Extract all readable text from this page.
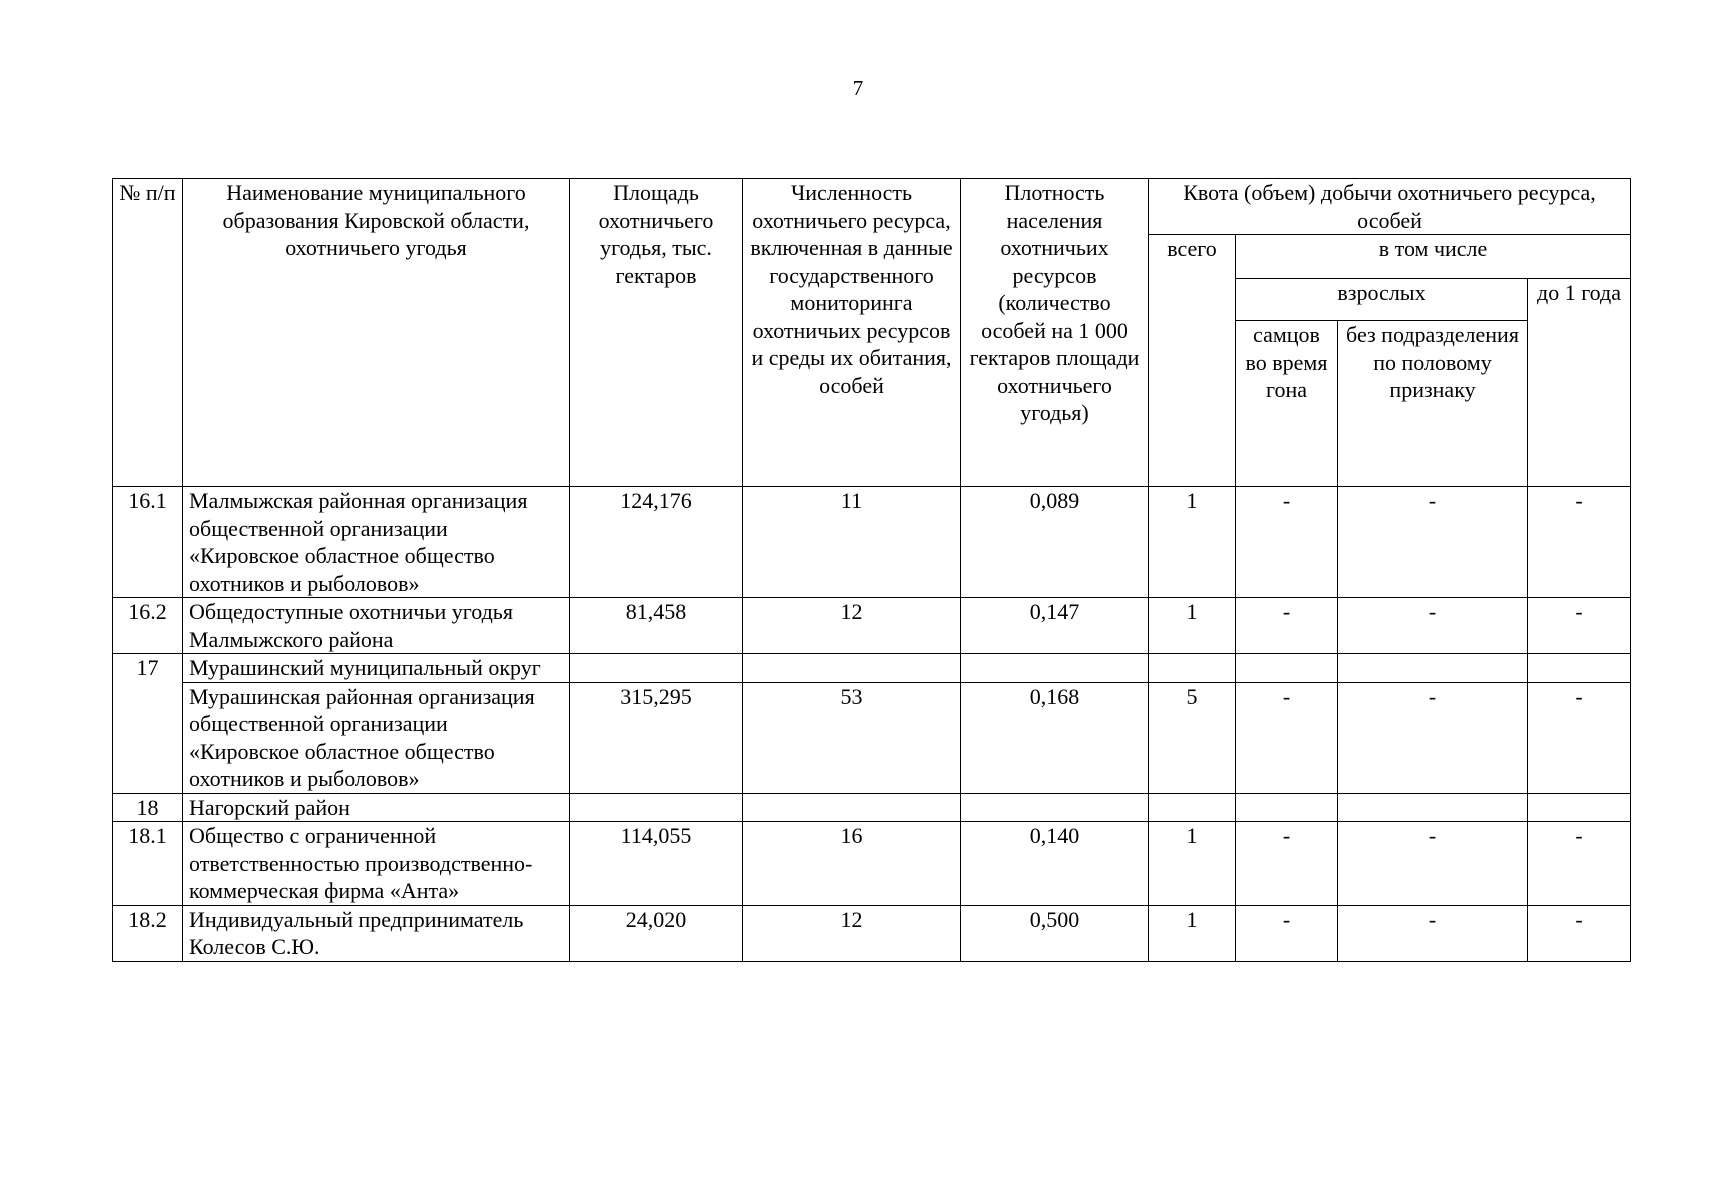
7
№ п/п	Наименование муниципального образования Кировской области, охотничьего угодья	Площадь охотничьего угодья, тыс. гектаров	Численность охотничьего ресурса, включенная в данные государственного мониторинга охотничьих ресурсов и среды их обитания, особей	Плотность населения охотничьих ресурсов (количество особей на 1 000 гектаров площади охотничьего угодья)	Квота (объем) добычи охотничьего ресурса, особей			
					всего	в том числе		
						взрослых		до 1 года
						самцов во время гона	без подразделения по половому признаку	
16.1	Малмыжская районная организация общественной организации «Кировское областное общество охотников и рыболовов»	124,176	11	0,089	1	-	-	-
16.2	Общедоступные охотничьи угодья Малмыжского района	81,458	12	0,147	1	-	-	-
17	Мурашинский муниципальный округ							
	Мурашинская районная организация общественной организации «Кировское областное общество охотников и рыболовов»	315,295	53	0,168	5	-	-	-
18	Нагорский район							
18.1	Общество с ограниченной ответственностью производственно-коммерческая фирма «Анта»	114,055	16	0,140	1	-	-	-
18.2	Индивидуальный предприниматель Колесов С.Ю.	24,020	12	0,500	1	-	-	-
